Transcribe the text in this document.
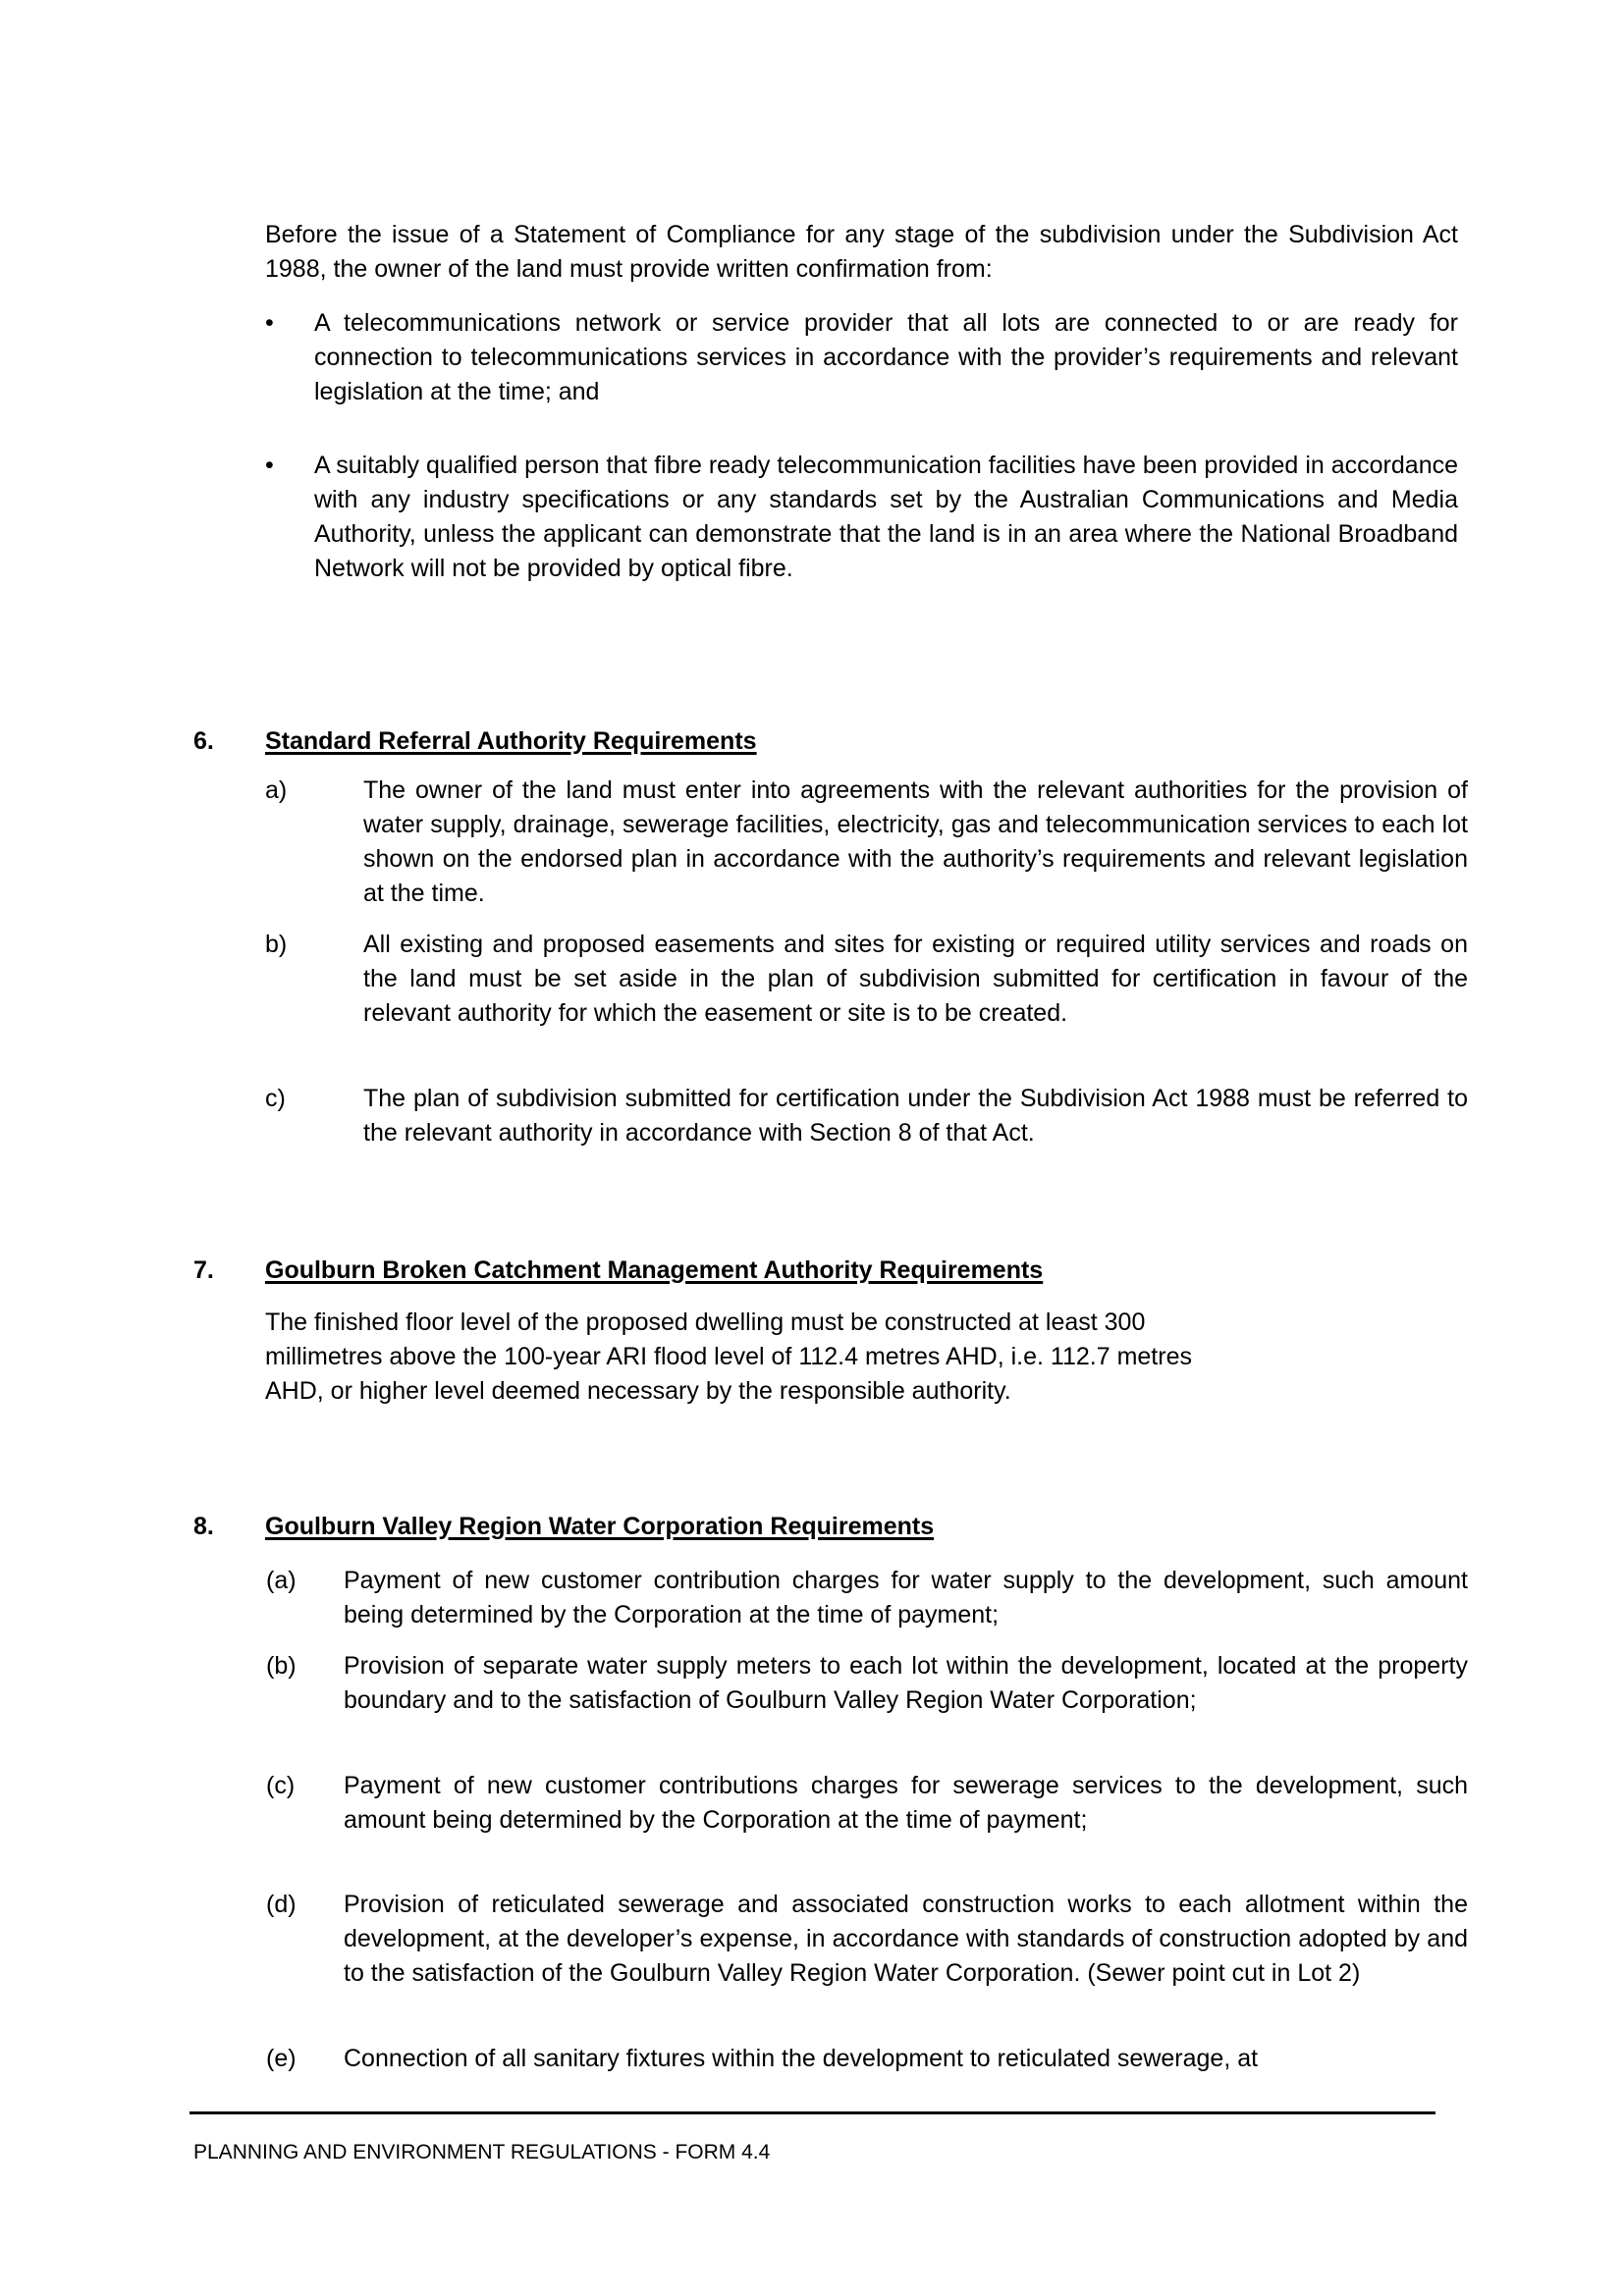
Before the issue of a Statement of Compliance for any stage of the subdivision under the Subdivision Act 1988, the owner of the land must provide written confirmation from:
• A telecommunications network or service provider that all lots are connected to or are ready for connection to telecommunications services in accordance with the provider’s requirements and relevant legislation at the time; and
• A suitably qualified person that fibre ready telecommunication facilities have been provided in accordance with any industry specifications or any standards set by the Australian Communications and Media Authority, unless the applicant can demonstrate that the land is in an area where the National Broadband Network will not be provided by optical fibre.
6. Standard Referral Authority Requirements
a)	The owner of the land must enter into agreements with the relevant authorities for the provision of water supply, drainage, sewerage facilities, electricity, gas and telecommunication services to each lot shown on the endorsed plan in accordance with the authority’s requirements and relevant legislation at the time.
b)	All existing and proposed easements and sites for existing or required utility services and roads on the land must be set aside in the plan of subdivision submitted for certification in favour of the relevant authority for which the easement or site is to be created.
c)	The plan of subdivision submitted for certification under the Subdivision Act 1988 must be referred to the relevant authority in accordance with Section 8 of that Act.
7. Goulburn Broken Catchment Management Authority Requirements
The finished floor level of the proposed dwelling must be constructed at least 300
millimetres above the 100-year ARI flood level of 112.4 metres AHD, i.e. 112.7 metres
AHD, or higher level deemed necessary by the responsible authority.
8. Goulburn Valley Region Water Corporation Requirements
(a) Payment of new customer contribution charges for water supply to the development, such amount being determined by the Corporation at the time of payment;
(b) Provision of separate water supply meters to each lot within the development, located at the property boundary and to the satisfaction of Goulburn Valley Region Water Corporation;
(c) Payment of new customer contributions charges for sewerage services to the development, such amount being determined by the Corporation at the time of payment;
(d) Provision of reticulated sewerage and associated construction works to each allotment within the development, at the developer’s expense, in accordance with standards of construction adopted by and to the satisfaction of the Goulburn Valley Region Water Corporation. (Sewer point cut in Lot 2)
(e) Connection of all sanitary fixtures within the development to reticulated sewerage, at
PLANNING AND ENVIRONMENT REGULATIONS - FORM 4.4
